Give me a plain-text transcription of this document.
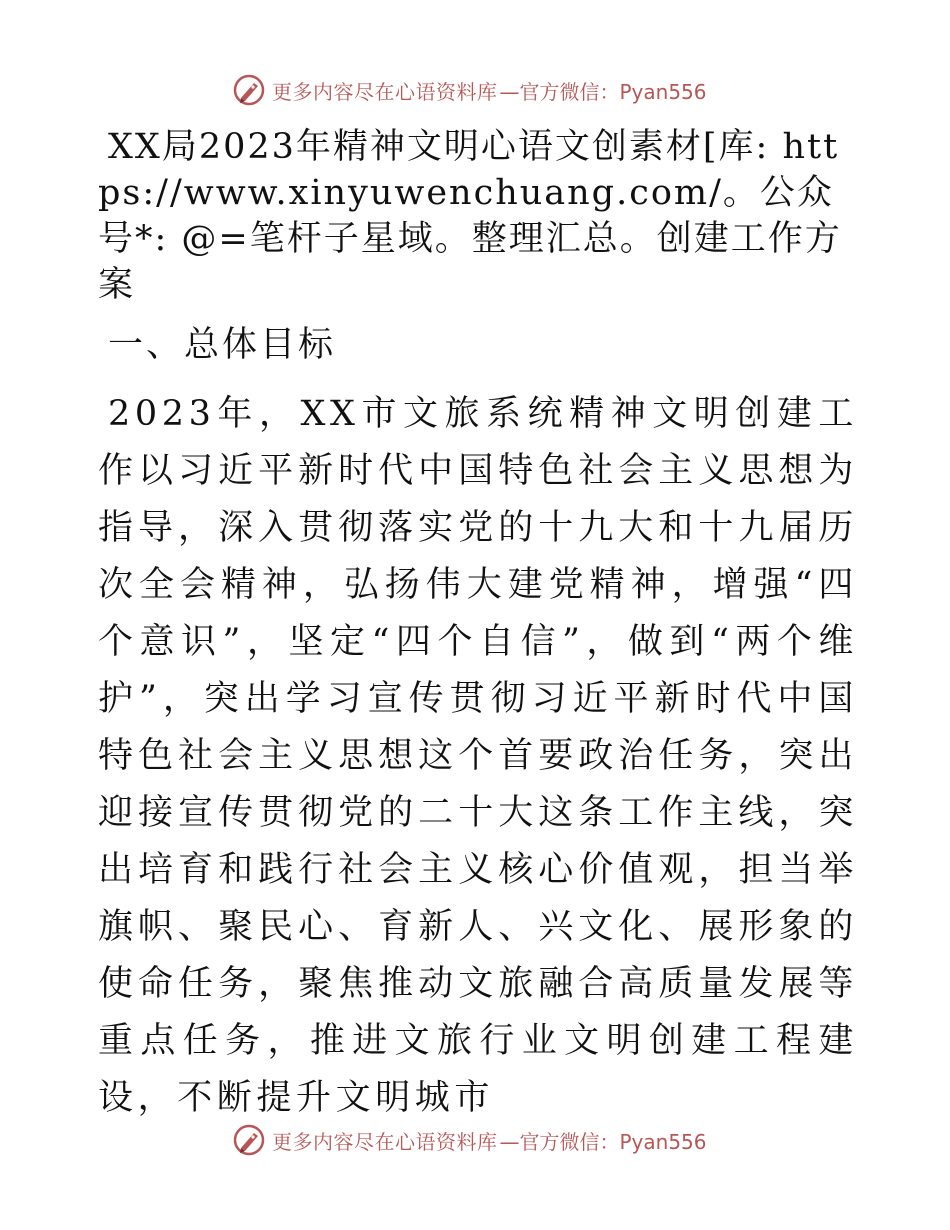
更多内容尽在心语资料库 —官方微信：Pyan556
XX局2023年精神文明心语文创素材[库: https://www.xinyuwenchuang.com/。公众号*: @=笔杆子星域。整理汇总。创建工作方案
一、总体目标

2023年，XX市文旅系统精神文明创建工作以习近平新时代中国特色社会主义思想为指导，深入贯彻落实党的十九大和十九届历次全会精神，弘扬伟大建党精神，增强“四个意识”，坚定“四个自信”，做到“两个维护”，突出学习宣传贯彻习近平新时代中国特色社会主义思想这个首要政治任务，突出迎接宣传贯彻党的二十大这条工作主线，突出培育和践行社会主义核心价值观，担当举旗帜、聚民心、育新人、兴文化、展形象的使命任务，聚焦推动文旅融合高质量发展等重点任务，推进文旅行业文明创建工程建设，不断提升文明城市

更多内容尽在心语资料库 —官方微信：Pyan556
